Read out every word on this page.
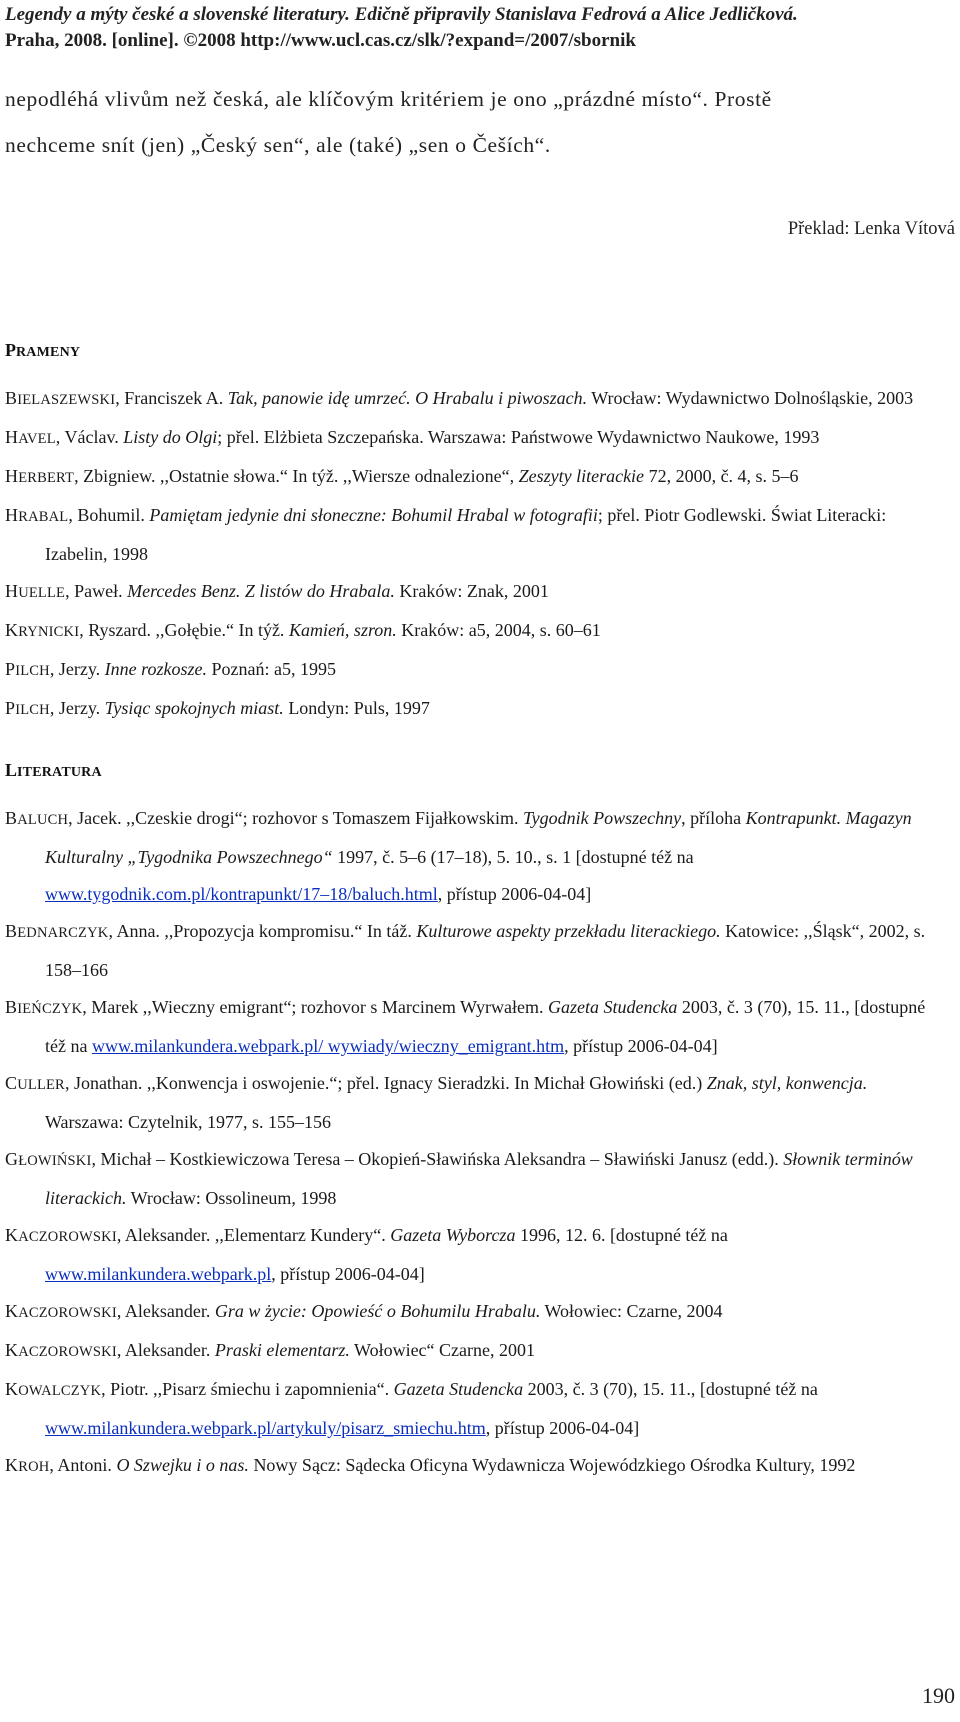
Legendy a mýty české a slovenské literatury. Edičně připravily Stanislava Fedrová a Alice Jedličková.
Praha, 2008. [online]. ©2008 http://www.ucl.cas.cz/slk/?expand=/2007/sbornik

nepodléhá vlivům než česká, ale klíčovým kritériem je ono „prázdné místo“. Prostě

nechceme snít (jen) „Český sen“, ale (také) „sen o Češích“.

Překlad: Lenka Vítová
PRAMENY

BIELASZEWSKI, Franciszek A. Tak, panowie idę umrzeć. O Hrabalu i piwoszach. Wrocław: Wydawnictwo Dolnośląskie, 2003

HAVEL, Václav. Listy do Olgi; přel. Elżbieta Szczepańska. Warszawa: Państwowe Wydawnictwo Naukowe, 1993

HERBERT, Zbigniew. ,,Ostatnie słowa.“ In týž. ,,Wiersze odnalezione“, Zeszyty literackie 72, 2000, č. 4, s. 5–6

HRABAL, Bohumil. Pamiętam jedynie dni słoneczne: Bohumil Hrabal w fotografii; přel. Piotr Godlewski. Świat Literacki: Izabelin, 1998

HUELLE, Paweł. Mercedes Benz. Z listów do Hrabala. Kraków: Znak, 2001

KRYNICKI, Ryszard. ,,Gołębie.“ In týž. Kamień, szron. Kraków: a5, 2004, s. 60–61

PILCH, Jerzy. Inne rozkosze. Poznań: a5, 1995

PILCH, Jerzy. Tysiąc spokojnych miast. Londyn: Puls, 1997

LITERATURA

BALUCH, Jacek. ,,Czeskie drogi“; rozhovor s Tomaszem Fijałkowskim. Tygodnik Powszechny, příloha Kontrapunkt. Magazyn Kulturalny „Tygodnika Powszechnego“ 1997, č. 5–6 (17–18), 5. 10., s. 1 [dostupné též na www.tygodnik.com.pl/kontrapunkt/17–18/baluch.html, přístup 2006-04-04]

BEDNARCZYK, Anna. ,,Propozycja kompromisu.“ In táž. Kulturowe aspekty przekładu literackiego. Katowice: ,,Śląsk“, 2002, s. 158–166

BIEŃCZYK, Marek ,,Wieczny emigrant“; rozhovor s Marcinem Wyrwałem. Gazeta Studencka 2003, č. 3 (70), 15. 11., [dostupné též na www.milankundera.webpark.pl/ wywiady/wieczny_emigrant.htm, přístup 2006-04-04]

CULLER, Jonathan. ,,Konwencja i oswojenie.“; přel. Ignacy Sieradzki. In Michał Głowiński (ed.) Znak, styl, konwencja. Warszawa: Czytelnik, 1977, s. 155–156

GŁOWIŃSKI, Michał – Kostkiewiczowa Teresa – Okopień-Sławińska Aleksandra – Sławiński Janusz (edd.). Słownik terminów literackich. Wrocław: Ossolineum, 1998

KACZOROWSKI, Aleksander. ,,Elementarz Kundery“. Gazeta Wyborcza 1996, 12. 6. [dostupné též na www.milankundera.webpark.pl, přístup 2006-04-04]

KACZOROWSKI, Aleksander. Gra w życie: Opowieść o Bohumilu Hrabalu. Wołowiec: Czarne, 2004

KACZOROWSKI, Aleksander. Praski elementarz. Wołowiec“ Czarne, 2001

KOWALCZYK, Piotr. ,,Pisarz śmiechu i zapomnienia“. Gazeta Studencka 2003, č. 3 (70), 15. 11., [dostupné též na www.milankundera.webpark.pl/artykuly/pisarz_smiechu.htm, přístup 2006-04-04]

KROH, Antoni. O Szwejku i o nas. Nowy Sącz: Sądecka Oficyna Wydawnicza Wojewódzkiego Ośrodka Kultury, 1992

190
